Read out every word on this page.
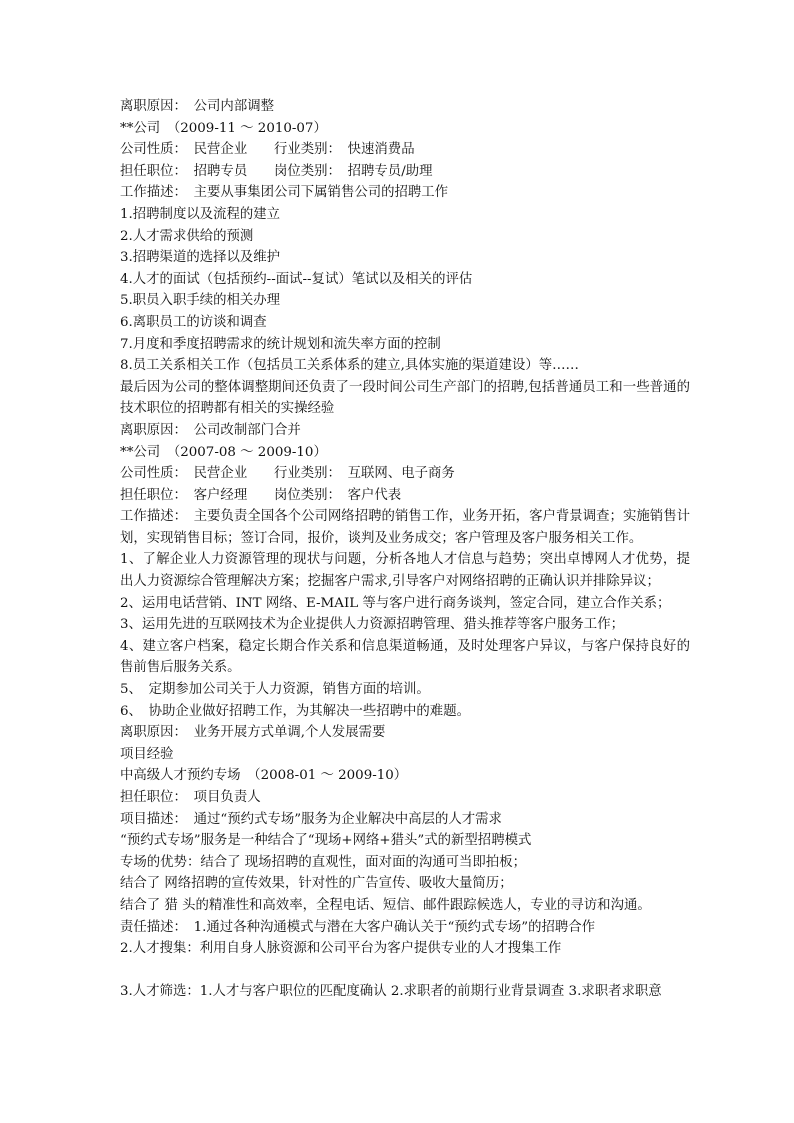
离职原因：　公司内部调整
**公司　（2009-11 ～ 2010-07）
公司性质：　民营企业　　行业类别：　快速消费品
担任职位：　招聘专员　　岗位类别：　招聘专员/助理
工作描述：　主要从事集团公司下属销售公司的招聘工作
1.招聘制度以及流程的建立
2.人才需求供给的预测
3.招聘渠道的选择以及维护
4.人才的面试（包括预约--面试--复试）笔试以及相关的评估
5.职员入职手续的相关办理
6.离职员工的访谈和调查
7.月度和季度招聘需求的统计规划和流失率方面的控制
8.员工关系相关工作（包括员工关系体系的建立,具体实施的渠道建设）等……
最后因为公司的整体调整期间还负责了一段时间公司生产部门的招聘,包括普通员工和一些普通的技术职位的招聘都有相关的实操经验
离职原因：　公司改制部门合并
**公司　（2007-08 ～ 2009-10）
公司性质：　民营企业　　行业类别：　互联网、电子商务
担任职位：　客户经理　　岗位类别：　客户代表
工作描述：　主要负责全国各个公司网络招聘的销售工作，业务开拓，客户背景调查；实施销售计划，实现销售目标；签订合同，报价，谈判及业务成交；客户管理及客户服务相关工作。
1、了解企业人力资源管理的现状与问题，分析各地人才信息与趋势；突出卓博网人才优势，提出人力资源综合管理解决方案；挖掘客户需求,引导客户对网络招聘的正确认识并排除异议；
2、运用电话营销、INT 网络、E-MAIL 等与客户进行商务谈判，签定合同，建立合作关系；
3、运用先进的互联网技术为企业提供人力资源招聘管理、猎头推荐等客户服务工作；
4、建立客户档案，稳定长期合作关系和信息渠道畅通，及时处理客户异议，与客户保持良好的售前售后服务关系。
5、　定期参加公司关于人力资源，销售方面的培训。
6、　协助企业做好招聘工作，为其解决一些招聘中的难题。
离职原因：　业务开展方式单调,个人发展需要
项目经验
中高级人才预约专场　（2008-01 ～ 2009-10）
担任职位：　项目负责人
项目描述：　通过“预约式专场”服务为企业解决中高层的人才需求
“预约式专场”服务是一种结合了“现场+网络+猎头”式的新型招聘模式
专场的优势：结合了 现场招聘的直观性，面对面的沟通可当即拍板；
结合了 网络招聘的宣传效果，针对性的广告宣传、吸收大量简历；
结合了 猎 头的精准性和高效率，全程电话、短信、邮件跟踪候选人，专业的寻访和沟通。
责任描述：　1.通过各种沟通模式与潜在大客户确认关于“预约式专场”的招聘合作
2.人才搜集：利用自身人脉资源和公司平台为客户提供专业的人才搜集工作
3.人才筛选：1.人才与客户职位的匹配度确认 2.求职者的前期行业背景调查 3.求职者求职意
